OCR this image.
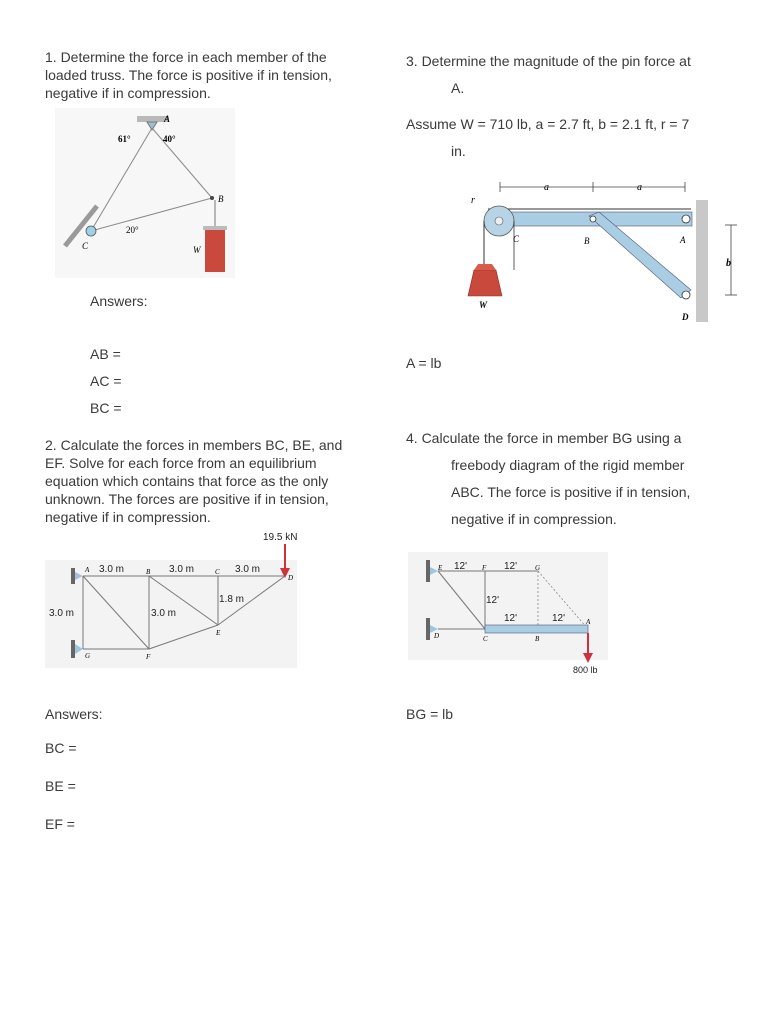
1. Determine the force in each member of the loaded truss. The force is positive if in tension, negative if in compression.

A
B
C	W
61°	40°
20°
Answers:
AB =
AC =
BC =

2. Calculate the forces in members BC, BE, and EF. Solve for each force from an equilibrium equation which contains that force as the only unknown. The forces are positive if in tension, negative if in compression.

19.5 kN
3.0 m	3.0 m	3.0 m
3.0 m	3.0 m
1.8 m
A	B	C
D
E
F
G
Answers:
BC =
BE =
EF =

3. Determine the magnitude of the pin force at A.

Assume W = 710 lb, a = 2.7 ft, b = 2.1 ft, r = 7 in.

a	a
b
r
C	B	A
D
W
A = lb

4. Calculate the force in member BG using a freebody diagram of the rigid member ABC. The force is positive if in tension, negative if in compression.

800 lb
E	F	G
D	C	B
A
12'	12'
12'
12'	12'
BG = lb
